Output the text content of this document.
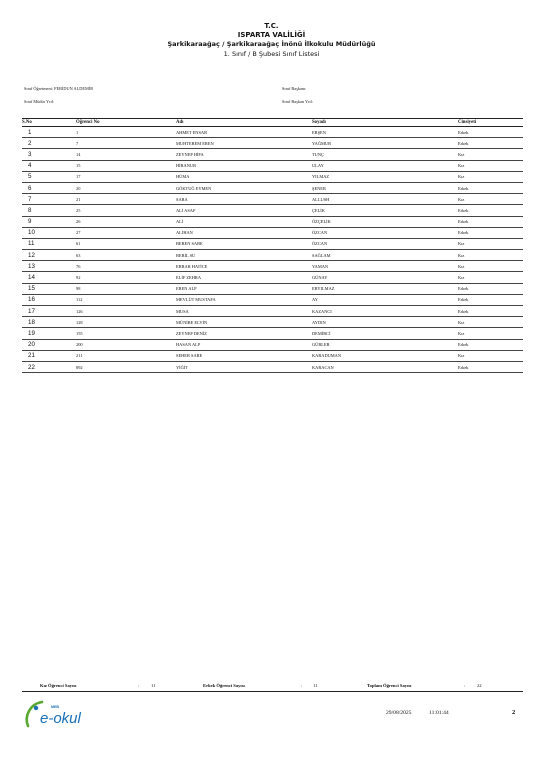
T.C.
ISPARTA VALİLİĞİ
Şarkikaraağaç / Şarkikaraağaç İnönü İlkokulu Müdürlüğü
1. Sınıf / B Şubesi Sınıf Listesi
Sınıf Öğretmeni: FERİDUN ALDEMİR	Sınıf Başkanı:
Sınıf Müdür Yrd:	Sınıf Başkan Yrd:
S.No	Öğrenci No	Adı	Soyadı	Cinsiyeti
1	1	AHMET ENSAR	ERŞEN	Erkek
2	7	MUHTEREM EREN	YAĞMUR	Erkek
3	14	ZEYNEP HİFA	TUNÇ	Kız
4	15	HİRANUR	ULAY	Kız
5	17	HÜMA	YILMAZ	Kız
6	20	GÖKTUĞ EYMEN	ŞENER	Erkek
7	21	SARA	ALLUSH	Kız
8	25	ALİ ASAF	ÇELİK	Erkek
9	26	ALİ	ÖZÇELİK	Erkek
10	27	ALİHAN	ÖZCAN	Erkek
11	61	BEREN SARE	ÖZCAN	Kız
12	63	BERİL SU	SAĞLAM	Kız
13	76	EBRAR HATİCE	YAMAN	Kız
14	92	ELİF ZEHRA	GÜNAY	Kız
15	98	EREN ALP	ERYILMAZ	Erkek
16	112	MEVLÜT MUSTAFA	AY	Erkek
17	126	MUSA	KAZANCI	Erkek
18	128	MÜNİRE ELVİN	AYDIN	Kız
19	155	ZEYNEP DENİZ	DEMİRCİ	Kız
20	200	HASAN ALP	GÜRLER	Erkek
21	211	SEHER SARE	KARADUMAN	Kız
22	892	YİĞİT	KARACAN	Erkek
Kız Öğrenci Sayısı	:	11	Erkek Öğrenci Sayısı	: 11	Toplam Öğrenci Sayısı	:	22
MEB
e-okul	29/08/2025	11:01:44	2
